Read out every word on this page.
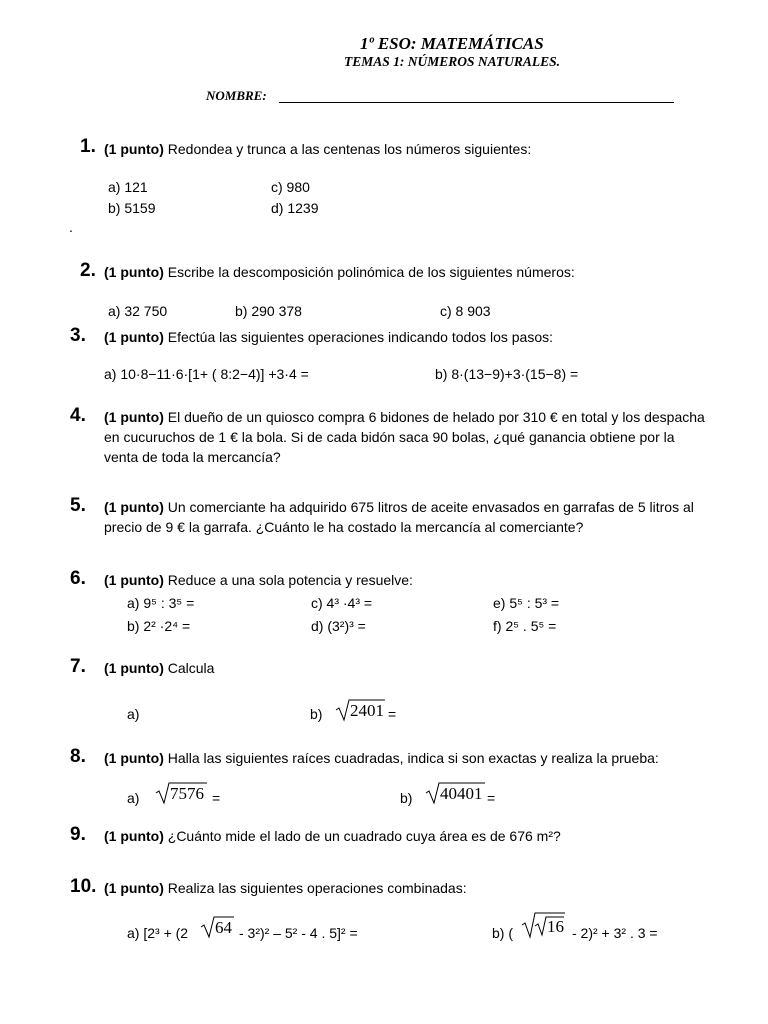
1º ESO: MATEMÁTICAS
TEMAS 1: NÚMEROS NATURALES.
NOMBRE:
1. (1 punto) Redondea y trunca a las centenas los números siguientes:
a) 121	c) 980
b) 5159	d) 1239
.
2. (1 punto) Escribe la descomposición polinómica de los siguientes números:
a) 32 750	b) 290 378	c) 8 903
3. (1 punto) Efectúa las siguientes operaciones indicando todos los pasos:
a) 10·8−11·6·[1+ ( 8:2−4)] +3·4 =	b) 8·(13−9)+3·(15−8) =
4. (1 punto) El dueño de un quiosco compra 6 bidones de helado por 310 € en total y los despacha en cucuruchos de 1 € la bola. Si de cada bidón saca 90 bolas, ¿qué ganancia obtiene por la venta de toda la mercancía?
5. (1 punto) Un comerciante ha adquirido 675 litros de aceite envasados en garrafas de 5 litros al precio de 9 € la garrafa. ¿Cuánto le ha costado la mercancía al comerciante?
6. (1 punto) Reduce a una sola potencia y resuelve:
a) 9⁵ : 3⁵ =	c) 4³ ·4³ =	e) 5⁵ : 5³ =
b) 2² ·2⁴ =	d) (3²)³ =	f) 2⁵ . 5⁵ =
7. (1 punto) Calcula
a)	b) 2401 =
8. (1 punto) Halla las siguientes raíces cuadradas, indica si son exactas y realiza la prueba:
a) 7576 =	b) 40401 =
9. (1 punto) ¿Cuánto mide el lado de un cuadrado cuya área es de 676 m²?
10. (1 punto) Realiza las siguientes operaciones combinadas:
a) [2³ + (2 64 - 3²)² – 5² - 4 . 5]² =	b) ( 16 - 2)² + 3² . 3 =
